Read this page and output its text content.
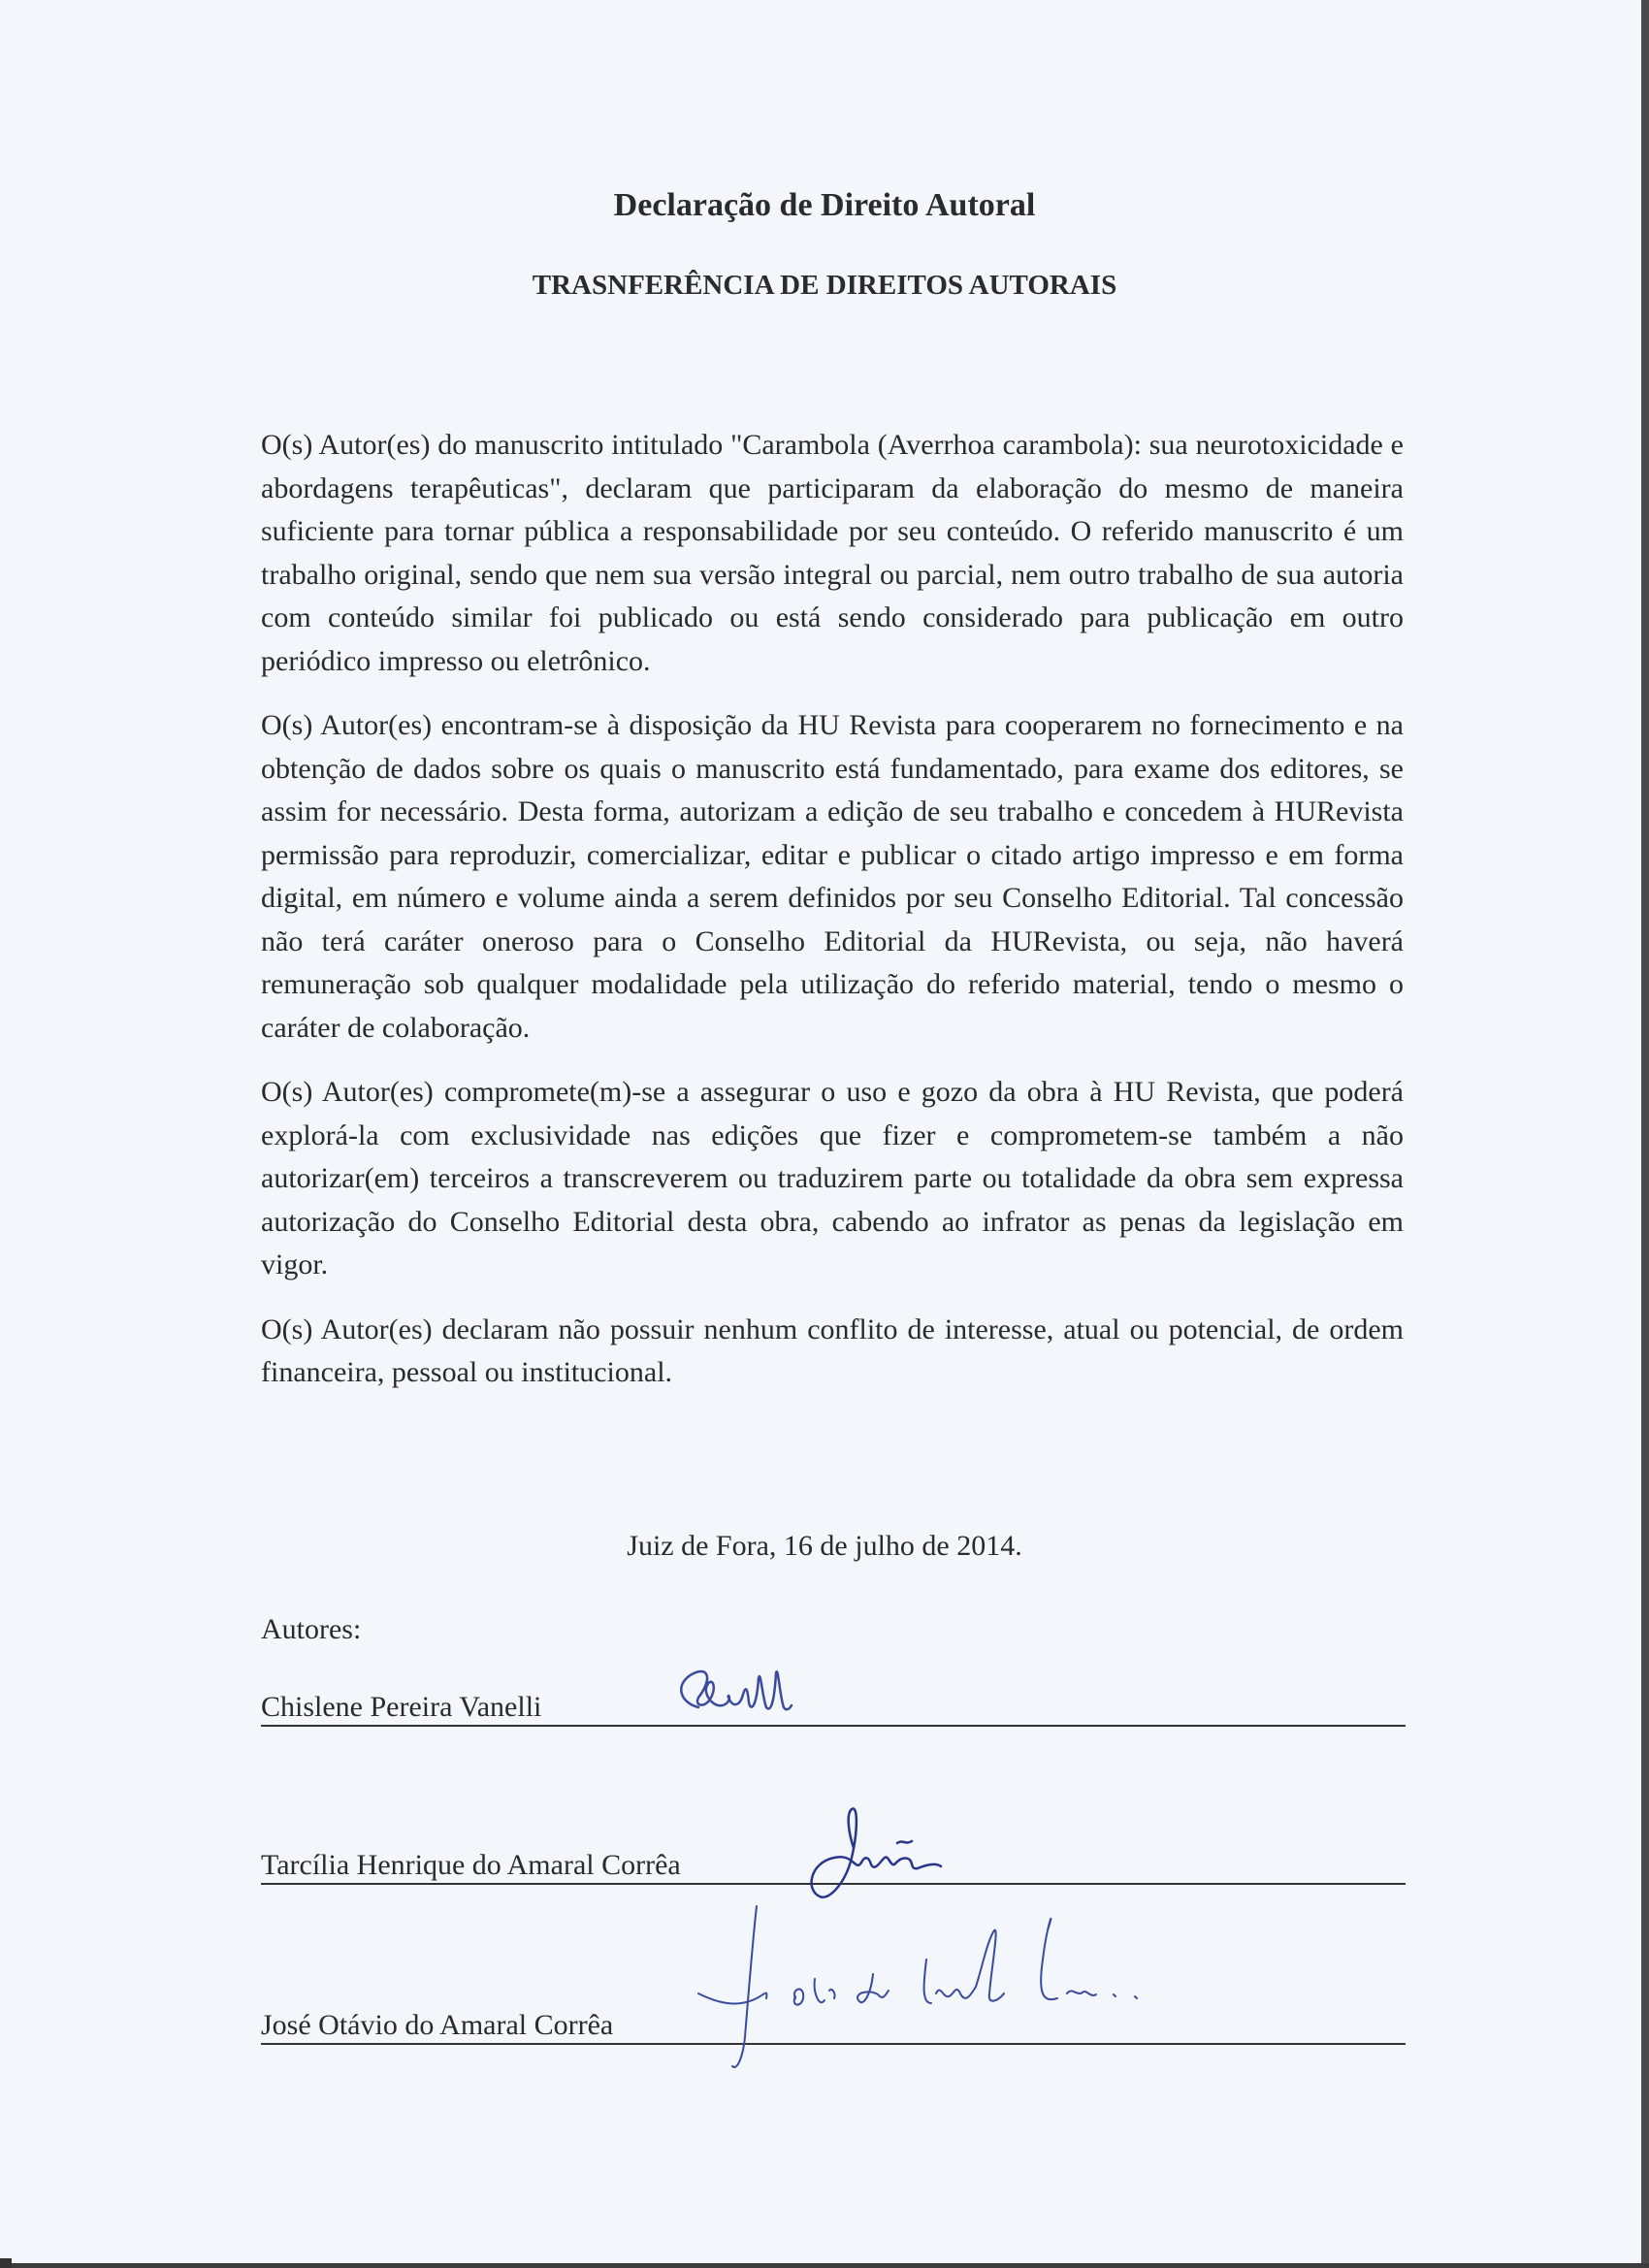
Declaração de Direito Autoral
TRASNFERÊNCIA DE DIREITOS AUTORAIS

O(s) Autor(es) do manuscrito intitulado "Carambola (Averrhoa carambola): sua neurotoxicidade e abordagens terapêuticas", declaram que participaram da elaboração do mesmo de maneira suficiente para tornar pública a responsabilidade por seu conteúdo. O referido manuscrito é um trabalho original, sendo que nem sua versão integral ou parcial, nem outro trabalho de sua autoria com conteúdo similar foi publicado ou está sendo considerado para publicação em outro periódico impresso ou eletrônico.

O(s) Autor(es) encontram-se à disposição da HU Revista para cooperarem no fornecimento e na obtenção de dados sobre os quais o manuscrito está fundamentado, para exame dos editores, se assim for necessário. Desta forma, autorizam a edição de seu trabalho e concedem à HURevista permissão para reproduzir, comercializar, editar e publicar o citado artigo impresso e em forma digital, em número e volume ainda a serem definidos por seu Conselho Editorial. Tal concessão não terá caráter oneroso para o Conselho Editorial da HURevista, ou seja, não haverá remuneração sob qualquer modalidade pela utilização do referido material, tendo o mesmo o caráter de colaboração.

O(s) Autor(es) comprometе(m)-se a assegurar o uso e gozo da obra à HU Revista, que poderá explorá-la com exclusividade nas edições que fizer e comprometem-se também a não autorizar(em) terceiros a transcreverem ou traduzirem parte ou totalidade da obra sem expressa autorização do Conselho Editorial desta obra, cabendo ao infrator as penas da legislação em vigor.

O(s) Autor(es) declaram não possuir nenhum conflito de interesse, atual ou potencial, de ordem financeira, pessoal ou institucional.

Juiz de Fora, 16 de julho de 2014.
Autores:
Chislene Pereira Vanelli
Tarcília Henrique do Amaral Corrêa
José Otávio do Amaral Corrêa
